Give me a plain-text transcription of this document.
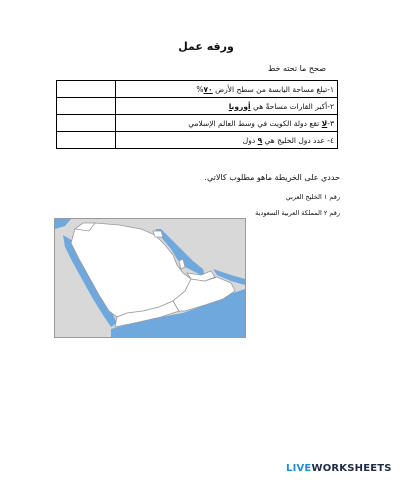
ورقه عمل
صحح ما تحته خط
	١-تبلغ مساحة اليابسة من سطح الأرض ٧٠%
	٢-أكبر القارات مساحةً هي أوروبا
	٣-لا تقع دولة الكويت في وسط العالم الإسلامي
	٤- عدد دول الخليج هي ٩ دول
حددي على الخريطة ماهو مطلوب كالاتي.
رقم ١ الخليج العربي
رقم ٢ المملكة العربية السعودية
LIVEWORKSHEETS
